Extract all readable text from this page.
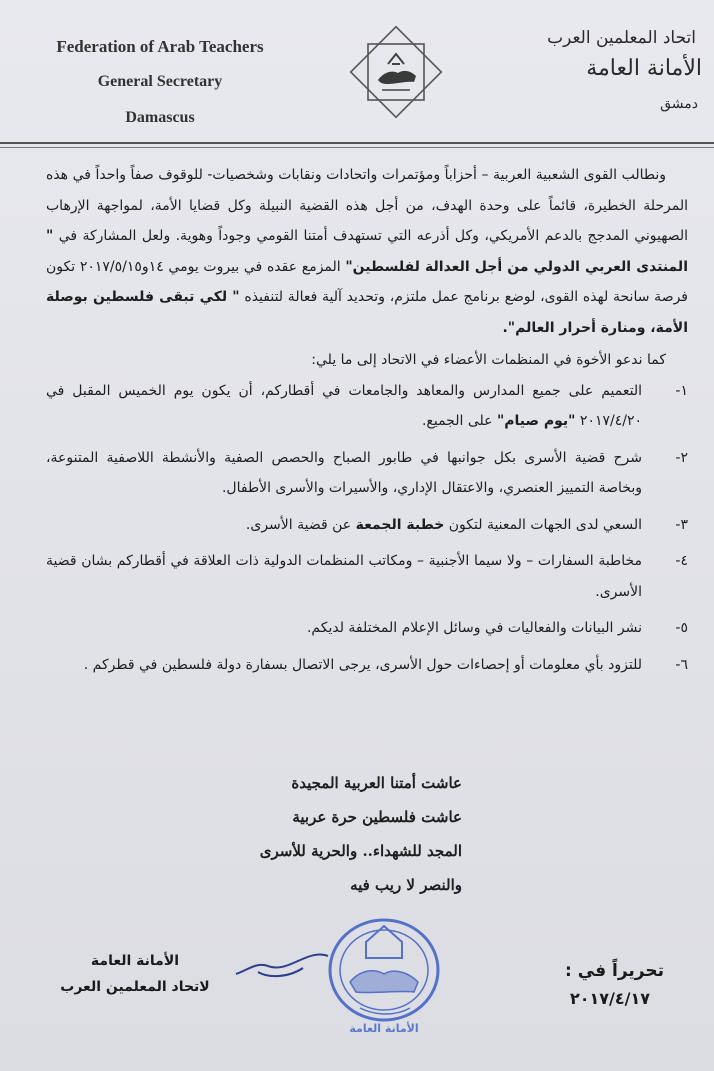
Federation of Arab Teachers
General Secretary
Damascus
اتحاد المعلمين العرب
الأمانة العامة
دمشق

ونطالب القوى الشعبية العربية – أحزاباً ومؤتمرات واتحادات ونقابات وشخصيات- للوقوف صفاً واحداً في هذه المرحلة الخطيرة، قائماً على وحدة الهدف، من أجل هذه القضية النبيلة وكل قضايا الأمة، لمواجهة الإرهاب الصهيوني المدجج بالدعم الأمريكي، وكل أذرعه التي تستهدف أمتنا القومي وجوداً وهوية. ولعل المشاركة في " المنتدى العربي الدولي من أجل العدالة لفلسطين" المزمع عقده في بيروت يومي ١٤و٢٠١٧/٥/١٥ تكون فرصة سانحة لهذه القوى، لوضع برنامج عمل ملتزم، وتحديد آلية فعالة لتنفيذه " لكي تبقى فلسطين بوصلة الأمة، ومنارة أحرار العالم".

كما ندعو الأخوة في المنظمات الأعضاء في الاتحاد إلى ما يلي:

١-
التعميم على جميع المدارس والمعاهد والجامعات في أقطاركم، أن يكون يوم الخميس المقبل في ٢٠١٧/٤/٢٠ "يوم صيام" على الجميع.
٢-
شرح قضية الأسرى بكل جوانبها في طابور الصباح والحصص الصفية والأنشطة اللاصفية المتنوعة، وبخاصة التمييز العنصري، والاعتقال الإداري، والأسيرات والأسرى الأطفال.
٣-
السعي لدى الجهات المعنية لتكون خطبة الجمعة عن قضية الأسرى.
٤-
مخاطبة السفارات – ولا سيما الأجنبية – ومكاتب المنظمات الدولية ذات العلاقة في أقطاركم بشان قضية الأسرى.
٥-
نشر البيانات والفعاليات في وسائل الإعلام المختلفة لديكم.
٦-
للتزود بأي معلومات أو إحصاءات حول الأسرى، يرجى الاتصال بسفارة دولة فلسطين في قطركم .
عاشت أمتنا العربية المجيدة
عاشت فلسطين حرة عربية
المجد للشهداء.. والحرية للأسرى
والنصر لا ريب فيه
الأمانة العامة
لاتحاد المعلمين العرب
الأمانة العامة
تحريراً في :
٢٠١٧/٤/١٧
